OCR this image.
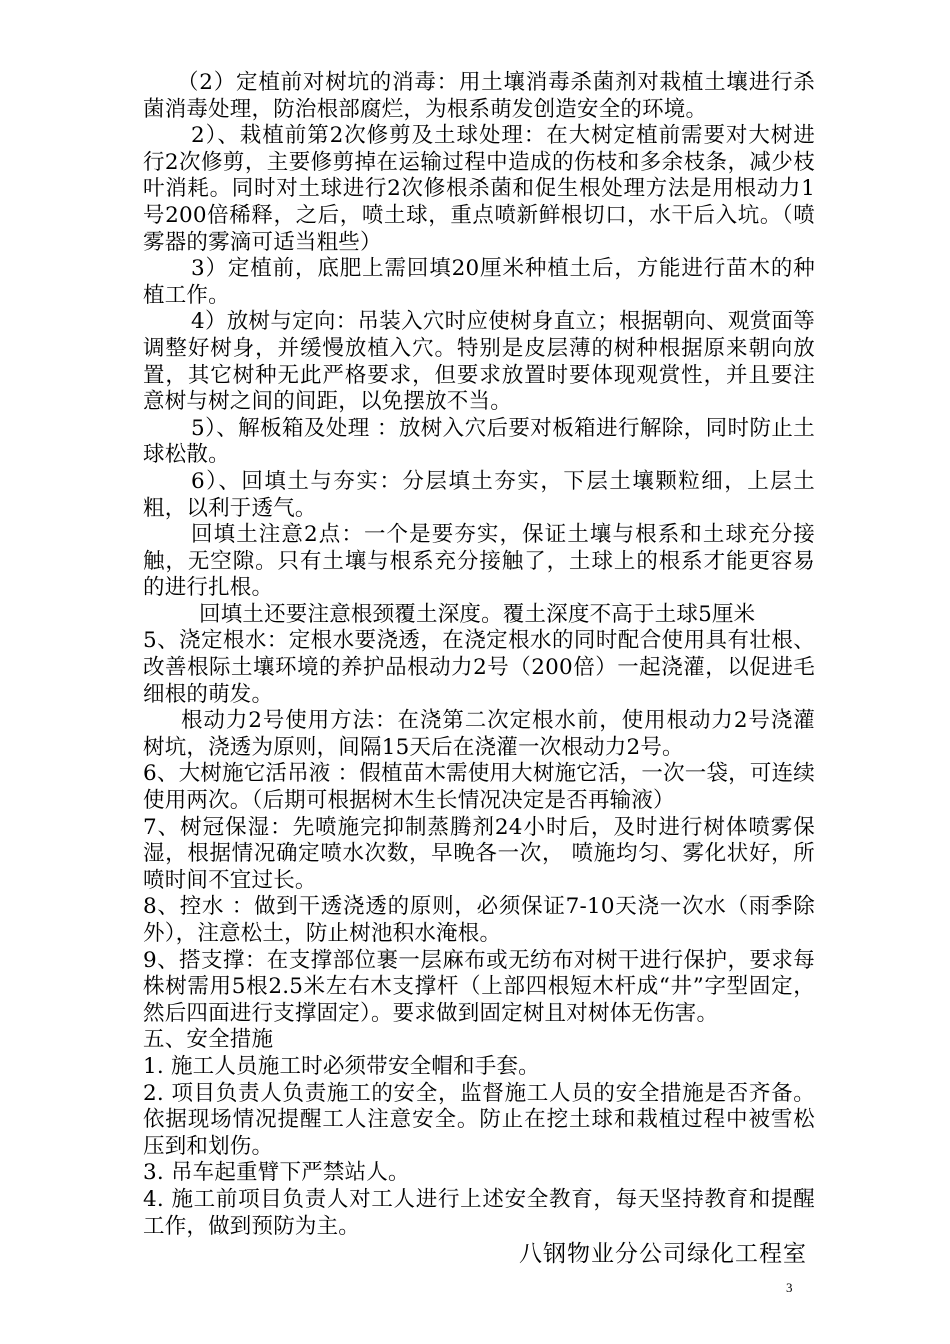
（2）定植前对树坑的消毒：用土壤消毒杀菌剂对栽植土壤进行杀菌消毒处理，防治根部腐烂，为根系萌发创造安全的环境。

2）、栽植前第2次修剪及土球处理：在大树定植前需要对大树进行2次修剪，主要修剪掉在运输过程中造成的伤枝和多余枝条，减少枝叶消耗。同时对土球进行2次修根杀菌和促生根处理方法是用根动力1号200倍稀释，之后，喷土球，重点喷新鲜根切口，水干后入坑。（喷雾器的雾滴可适当粗些）

3）定植前，底肥上需回填20厘米种植土后，方能进行苗木的种植工作。

4）放树与定向：吊装入穴时应使树身直立；根据朝向、观赏面等调整好树身，并缓慢放植入穴。特别是皮层薄的树种根据原来朝向放置，其它树种无此严格要求，但要求放置时要体现观赏性，并且要注意树与树之间的间距，以免摆放不当。

5）、解板箱及处理 ：放树入穴后要对板箱进行解除，同时防止土球松散。

6）、回填土与夯实：分层填土夯实，下层土壤颗粒细，上层土粗，以利于透气。

回填土注意2点：一个是要夯实，保证土壤与根系和土球充分接触，无空隙。只有土壤与根系充分接触了，土球上的根系才能更容易的进行扎根。

回填土还要注意根颈覆土深度。覆土深度不高于土球5厘米

5、浇定根水：定根水要浇透，在浇定根水的同时配合使用具有壮根、改善根际土壤环境的养护品根动力2号（200倍）一起浇灌，以促进毛细根的萌发。

根动力2号使用方法：在浇第二次定根水前，使用根动力2号浇灌树坑，浇透为原则，间隔15天后在浇灌一次根动力2号。

6、大树施它活吊液 ：假植苗木需使用大树施它活，一次一袋，可连续使用两次。（后期可根据树木生长情况决定是否再输液）

7、树冠保湿：先喷施完抑制蒸腾剂24小时后，及时进行树体喷雾保湿，根据情况确定喷水次数，早晚各一次， 喷施均匀、雾化状好，所喷时间不宜过长。

8、控水 ：做到干透浇透的原则，必须保证7-10天浇一次水（雨季除外），注意松土，防止树池积水淹根。

9、搭支撑：在支撑部位裹一层麻布或无纺布对树干进行保护，要求每株树需用5根2.5米左右木支撑杆（上部四根短木杆成“井”字型固定，然后四面进行支撑固定）。要求做到固定树且对树体无伤害。

五、安全措施

1. 施工人员施工时必须带安全帽和手套。

2. 项目负责人负责施工的安全，监督施工人员的安全措施是否齐备。依据现场情况提醒工人注意安全。防止在挖土球和栽植过程中被雪松压到和划伤。

3. 吊车起重臂下严禁站人。

4. 施工前项目负责人对工人进行上述安全教育，每天坚持教育和提醒工作，做到预防为主。

八钢物业分公司绿化工程室
3
